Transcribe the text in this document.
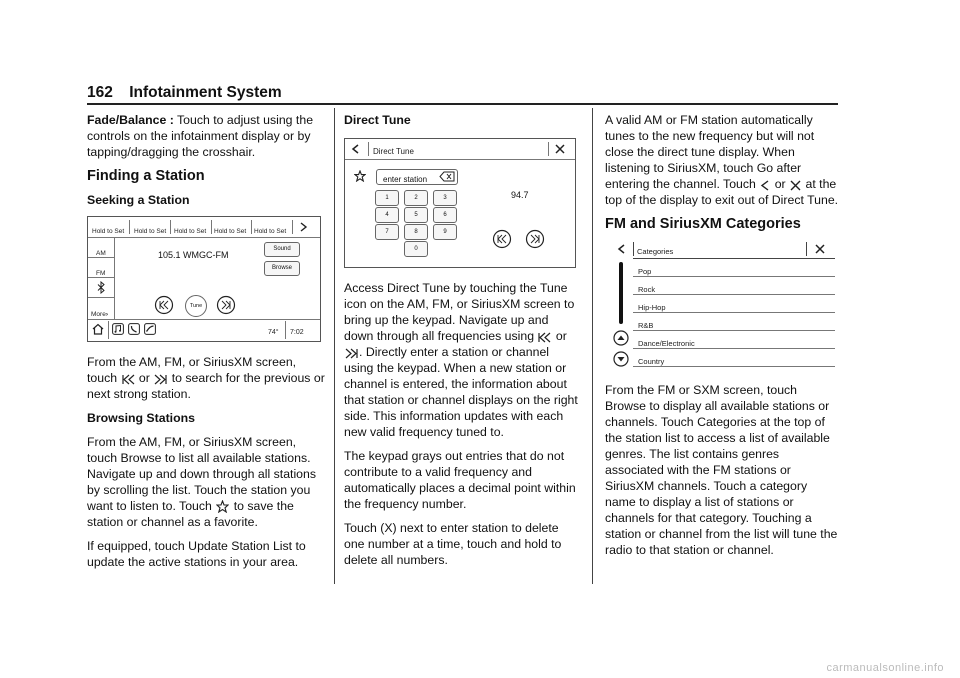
162 Infotainment System

Fade/Balance : Touch to adjust using the controls on the infotainment display or by tapping/dragging the crosshair.

Finding a Station
Seeking a Station
Hold to Set Hold to Set Hold to Set Hold to Set Hold to Set
AM
FM
More›
105.1 WMGC-FM
Sound
Browse
Tune
74° 7:02

From the AM, FM, or SiriusXM screen, touch
or
to search for the previous or next strong station.

Browsing Stations

From the AM, FM, or SiriusXM screen, touch Browse to list all available stations. Navigate up and down through all stations by scrolling the list. Touch the station you want to listen to. Touch
to save the station or channel as a favorite.

If equipped, touch Update Station List to update the active stations in your area.

Direct Tune
Direct Tune
enter station
1	2	3
4	5	6
7	8	9
0
94.7

Access Direct Tune by touching the Tune icon on the AM, FM, or SiriusXM screen to bring up the keypad. Navigate up and down through all frequencies using
or
. Directly enter a station or channel using the keypad. When a new station or channel is entered, the information about that station or channel displays on the right side. This information updates with each new valid frequency tuned to.

The keypad grays out entries that do not contribute to a valid frequency and automatically places a decimal point within the frequency number.

Touch (X) next to enter station to delete one number at a time, touch and hold to delete all numbers.

A valid AM or FM station automatically tunes to the new frequency but will not close the direct tune display. When listening to SiriusXM, touch Go after entering the channel. Touch
or
at the top of the display to exit out of Direct Tune.

FM and SiriusXM Categories
Categories
Pop
Rock
Hip-Hop
R&B
Dance/Electronic
Country

From the FM or SXM screen, touch Browse to display all available stations or channels. Touch Categories at the top of the station list to access a list of available genres. The list contains genres associated with the FM stations or SiriusXM channels. Touch a category name to display a list of stations or channels for that category. Touching a station or channel from the list will tune the radio to that station or channel.

carmanualsonline.info
